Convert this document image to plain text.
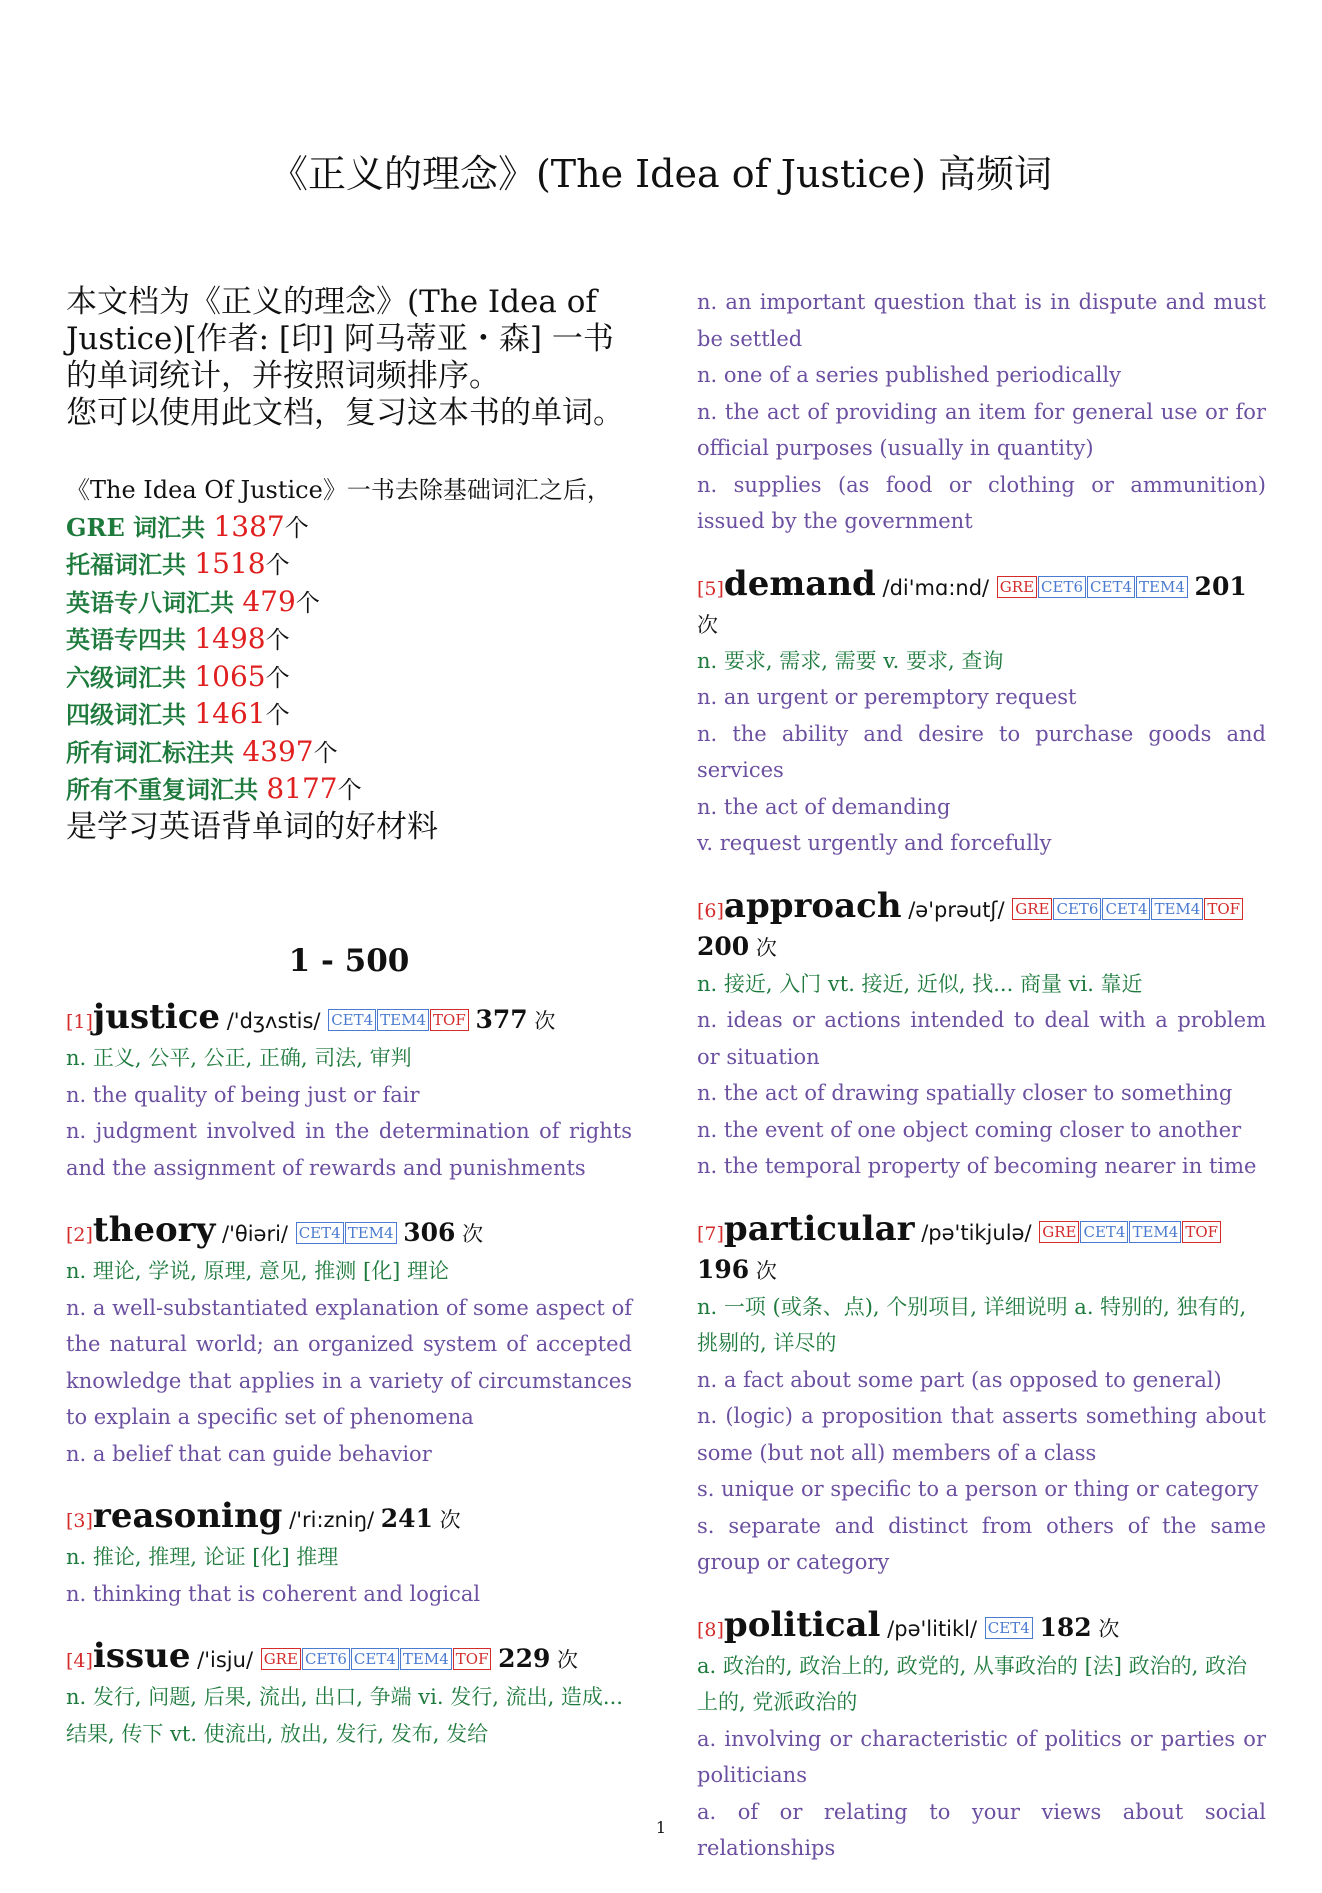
《正义的理念》(The Idea of Justice) 高频词

本文档为《正义的理念》(The Idea of Justice)[作者: [印] 阿马蒂亚・森] 一书的单词统计，并按照词频排序。

您可以使用此文档，复习这本书的单词。

《The Idea Of Justice》一书去除基础词汇之后，
GRE 词汇共 1387个
托福词汇共 1518个
英语专八词汇共 479个
英语专四共 1498个
六级词汇共 1065个
四级词汇共 1461个
所有词汇标注共 4397个
所有不重复词汇共 8177个
是学习英语背单词的好材料
1 - 500
[1]justice /'dʒʌstis/ CET4 TEM4 TOF 377 次

n. 正义, 公平, 公正, 正确, 司法, 审判

n. the quality of being just or fair

n. judgment involved in the determination of rights and the assignment of rewards and punishments

[2]theory /'θiəri/ CET4 TEM4 306 次

n. 理论, 学说, 原理, 意见, 推测 [化] 理论

n. a well-substantiated explanation of some aspect of the natural world; an organized system of accepted knowledge that applies in a variety of circumstances to explain a specific set of phenomena

n. a belief that can guide behavior

[3]reasoning /'ri:zniŋ/ 241 次

n. 推论, 推理, 论证 [化] 推理

n. thinking that is coherent and logical

[4]issue /'isju/ GRE CET6 CET4 TEM4 TOF 229 次

n. 发行, 问题, 后果, 流出, 出口, 争端 vi. 发行, 流出, 造成... 结果, 传下 vt. 使流出, 放出, 发行, 发布, 发给

n. an important question that is in dispute and must be settled

n. one of a series published periodically

n. the act of providing an item for general use or for official purposes (usually in quantity)

n. supplies (as food or clothing or ammunition) issued by the government

[5]demand /di'mɑ:nd/ GRE CET6 CET4 TEM4 201 次

n. 要求, 需求, 需要 v. 要求, 查询

n. an urgent or peremptory request

n. the ability and desire to purchase goods and services

n. the act of demanding

v. request urgently and forcefully

[6]approach /ə'prəutʃ/ GRE CET6 CET4 TEM4 TOF 200 次

n. 接近, 入门 vt. 接近, 近似, 找... 商量 vi. 靠近

n. ideas or actions intended to deal with a problem or situation

n. the act of drawing spatially closer to something

n. the event of one object coming closer to another

n. the temporal property of becoming nearer in time

[7]particular /pə'tikjulə/ GRE CET4 TEM4 TOF 196 次

n. 一项 (或条、点), 个别项目, 详细说明 a. 特别的, 独有的, 挑剔的, 详尽的

n. a fact about some part (as opposed to general)

n. (logic) a proposition that asserts something about some (but not all) members of a class

s. unique or specific to a person or thing or category

s. separate and distinct from others of the same group or category

[8]political /pə'litikl/ CET4 182 次

a. 政治的, 政治上的, 政党的, 从事政治的 [法] 政治的, 政治上的, 党派政治的

a. involving or characteristic of politics or parties or politicians

a. of or relating to your views about social relationships

1
